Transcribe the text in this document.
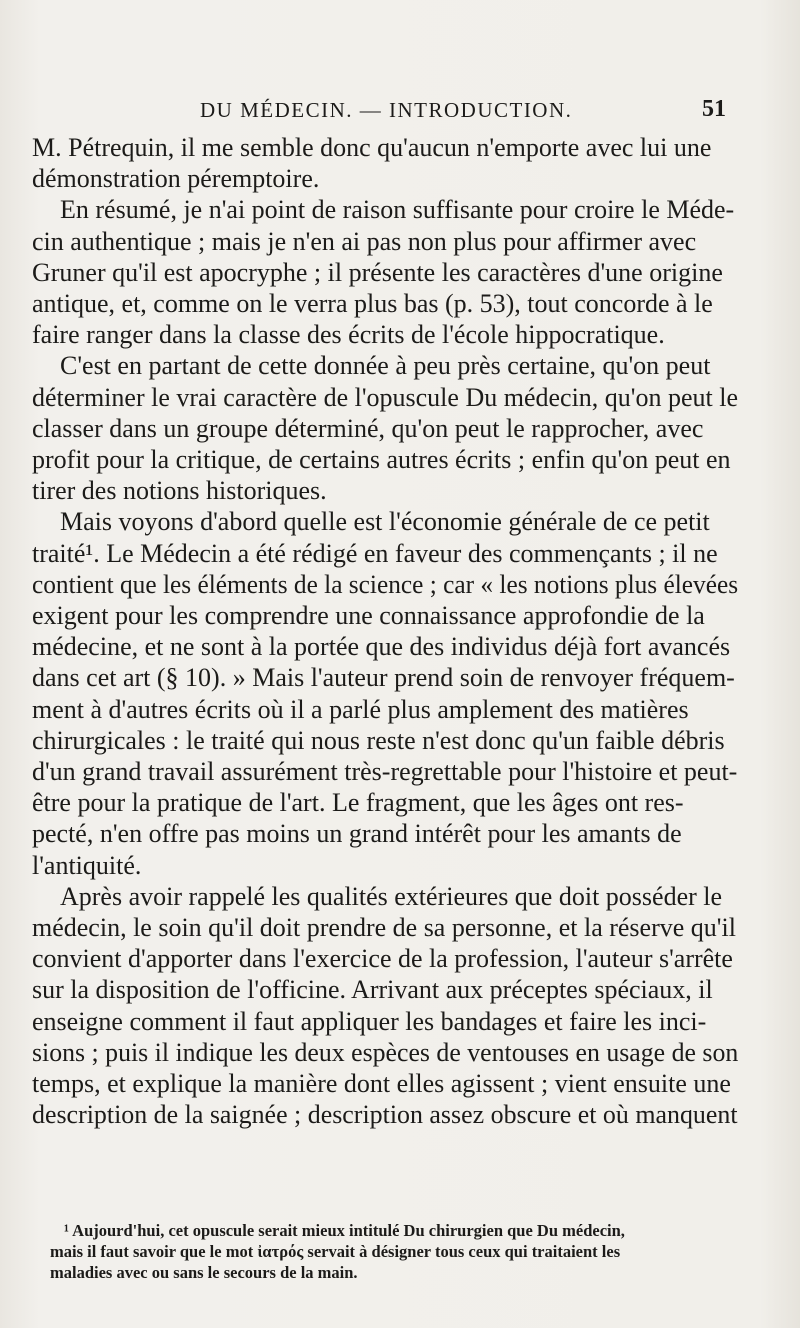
DU MÉDECIN. — INTRODUCTION.	51

M. Pétrequin, il me semble donc qu'aucun n'emporte avec lui une
démonstration péremptoire.

En résumé, je n'ai point de raison suffisante pour croire le Méde-
cin authentique ; mais je n'en ai pas non plus pour affirmer avec
Gruner qu'il est apocryphe ; il présente les caractères d'une origine
antique, et, comme on le verra plus bas (p. 53), tout concorde à le
faire ranger dans la classe des écrits de l'école hippocratique.

C'est en partant de cette donnée à peu près certaine, qu'on peut
déterminer le vrai caractère de l'opuscule Du médecin, qu'on peut le
classer dans un groupe déterminé, qu'on peut le rapprocher, avec
profit pour la critique, de certains autres écrits ; enfin qu'on peut en
tirer des notions historiques.

Mais voyons d'abord quelle est l'économie générale de ce petit
traité¹. Le Médecin a été rédigé en faveur des commençants ; il ne
contient que les éléments de la science ; car « les notions plus élevées
exigent pour les comprendre une connaissance approfondie de la
médecine, et ne sont à la portée que des individus déjà fort avancés
dans cet art (§ 10). » Mais l'auteur prend soin de renvoyer fréquem-
ment à d'autres écrits où il a parlé plus amplement des matières
chirurgicales : le traité qui nous reste n'est donc qu'un faible débris
d'un grand travail assurément très-regrettable pour l'histoire et peut-
être pour la pratique de l'art. Le fragment, que les âges ont res-
pecté, n'en offre pas moins un grand intérêt pour les amants de
l'antiquité.

Après avoir rappelé les qualités extérieures que doit posséder le
médecin, le soin qu'il doit prendre de sa personne, et la réserve qu'il
convient d'apporter dans l'exercice de la profession, l'auteur s'arrête
sur la disposition de l'officine. Arrivant aux préceptes spéciaux, il
enseigne comment il faut appliquer les bandages et faire les inci-
sions ; puis il indique les deux espèces de ventouses en usage de son
temps, et explique la manière dont elles agissent ; vient ensuite une
description de la saignée ; description assez obscure et où manquent

¹ Aujourd'hui, cet opuscule serait mieux intitulé Du chirurgien que Du médecin,
mais il faut savoir que le mot ἰατρός servait à désigner tous ceux qui traitaient les
maladies avec ou sans le secours de la main.
